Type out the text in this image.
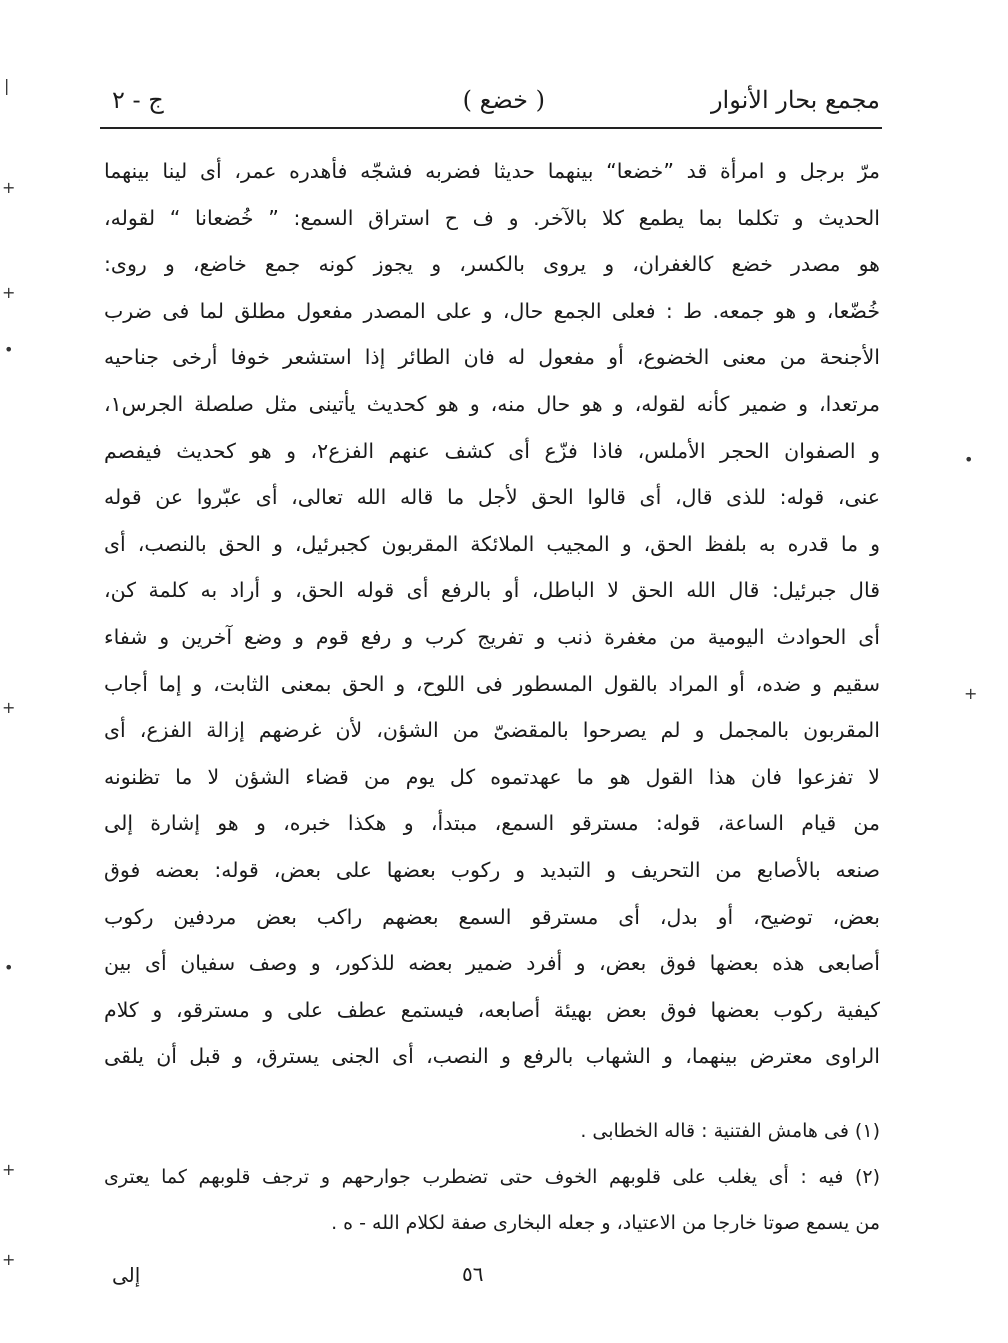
مجمع بحار الأنوار
( خضع )
ج - ٢
مرّ برجل و امرأة قد ”خضعا“ بينهما حديثا فضربه فشجّه فأهدره عمر، أى لينا بينهما
الحديث و تكلما بما يطمع كلا بالآخر. و ف ح استراق السمع: ” خُضعانا “ لقوله،
هو مصدر خضع كالغفران، و يروى بالكسر، و يجوز كونه جمع خاضع، و روى:
خُضّعا، و هو جمعه. ط : فعلى الجمع حال، و على المصدر مفعول مطلق لما فى ضرب
الأجنحة من معنى الخضوع، أو مفعول له فان الطائر إذا استشعر خوفا أرخى جناحيه
مرتعدا، و ضمير كأنه لقوله، و هو حال منه، و هو كحديث يأتينى مثل صلصلة الجرس١،
و الصفوان الحجر الأملس، فاذا فزّع أى كشف عنهم الفزع٢، و هو كحديث فيفصم
عنى، قوله: للذى قال، أى قالوا الحق لأجل ما قاله الله تعالى، أى عبّروا عن قوله
و ما قدره به بلفظ الحق، و المجيب الملائكة المقربون كجبرئيل، و الحق بالنصب، أى
قال جبرئيل: قال الله الحق لا الباطل، أو بالرفع أى قوله الحق، و أراد به كلمة كن،
أى الحوادث اليومية من مغفرة ذنب و تفريج كرب و رفع قوم و وضع آخرين و شفاء
سقيم و ضده، أو المراد بالقول المسطور فى اللوح، و الحق بمعنى الثابت، و إما أجاب
المقربون بالمجمل و لم يصرحوا بالمقضىّ من الشؤن، لأن غرضهم إزالة الفزع، أى
لا تفزعوا فان هذا القول هو ما عهدتموه كل يوم من قضاء الشؤن لا ما تظنونه
من قيام الساعة، قوله: مسترقو السمع، مبتدأ، و هكذا خبره، و هو إشارة إلى
صنعه بالأصابع من التحريف و التبديد و ركوب بعضها على بعض، قوله: بعضه فوق
بعض، توضيح، أو بدل، أى مسترقو السمع بعضهم راكب بعض مردفين ركوب
أصابعى هذه بعضها فوق بعض، و أفرد ضمير بعضه للذكور، و وصف سفيان أى بين
كيفية ركوب بعضها فوق بعض بهيئة أصابعه، فيستمع عطف على و مسترقو، و كلام
الراوى معترض بينهما، و الشهاب بالرفع و النصب، أى الجنى يسترق، و قبل أن يلقى
(١) فى هامش الفتنية : قاله الخطابى .
(٢) فيه : أى يغلب على قلوبهم الخوف حتى تضطرب جوارحهم و ترجف قلوبهم كما يعترى
من يسمع صوتا خارجا من الاعتياد، و جعله البخارى صفة لكلام الله - ه .
إلى	٥٦
|
+
+
•
•
+
+
•
+
+
